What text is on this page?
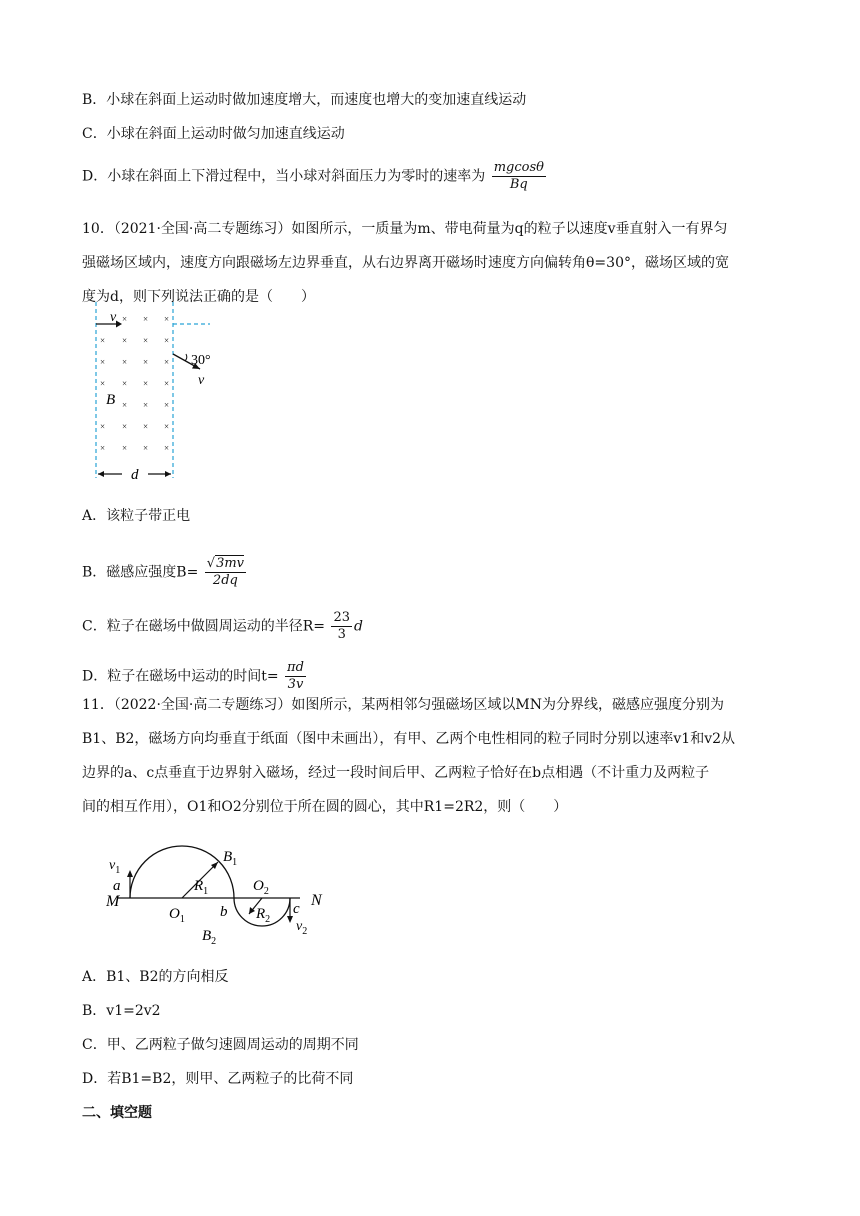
B．小球在斜面上运动时做加速度增大，而速度也增大的变加速直线运动
C．小球在斜面上运动时做匀加速直线运动
D．小球在斜面上下滑过程中，当小球对斜面压力为零时的速率为 $\frac{mgcos\theta}{Bq}$
10．（2021·全国·高二专题练习）如图所示，一质量为m、带电荷量为q的粒子以速度v垂直射入一有界匀
强磁场区域内，速度方向跟磁场左边界垂直，从右边界离开磁场时速度方向偏转角θ=30°，磁场区域的宽
度为d，则下列说法正确的是（　　）
× × ×
× × × ×
× × × ×
× × × ×
× × ×
× × × ×
× × × ×
v
30°
v
B
d
A．该粒子带正电
B．磁感应强度$B= \frac{√3mv}{2dq}$
C．粒子在磁场中做圆周运动的半径$R= \frac{23}{3}$ d
D．粒子在磁场中运动的时间$t= \frac{\pi d}{3v}$
11．（2022·全国·高二专题练习）如图所示，某两相邻匀强磁场区域以MN为分界线，磁感应强度分别为
B1、B2，磁场方向均垂直于纸面（图中未画出），有甲、乙两个电性相同的粒子同时分别以速率v1和v2从
边界的a、c点垂直于边界射入磁场，经过一段时间后甲、乙两粒子恰好在b点相遇（不计重力及两粒子
间的相互作用），O1和O2分别位于所在圆的圆心，其中R1=2R2，则（　　）
M	N
a
b	c
$O_1$
$O_2$
$R_1$
$R_2$
$B_1$
$B_2$
$v_1$
$v_2$
A．B1、B2的方向相反
B．v1=2v2
C．甲、乙两粒子做匀速圆周运动的周期不同
D．若B1=B2，则甲、乙两粒子的比荷不同
二、填空题
